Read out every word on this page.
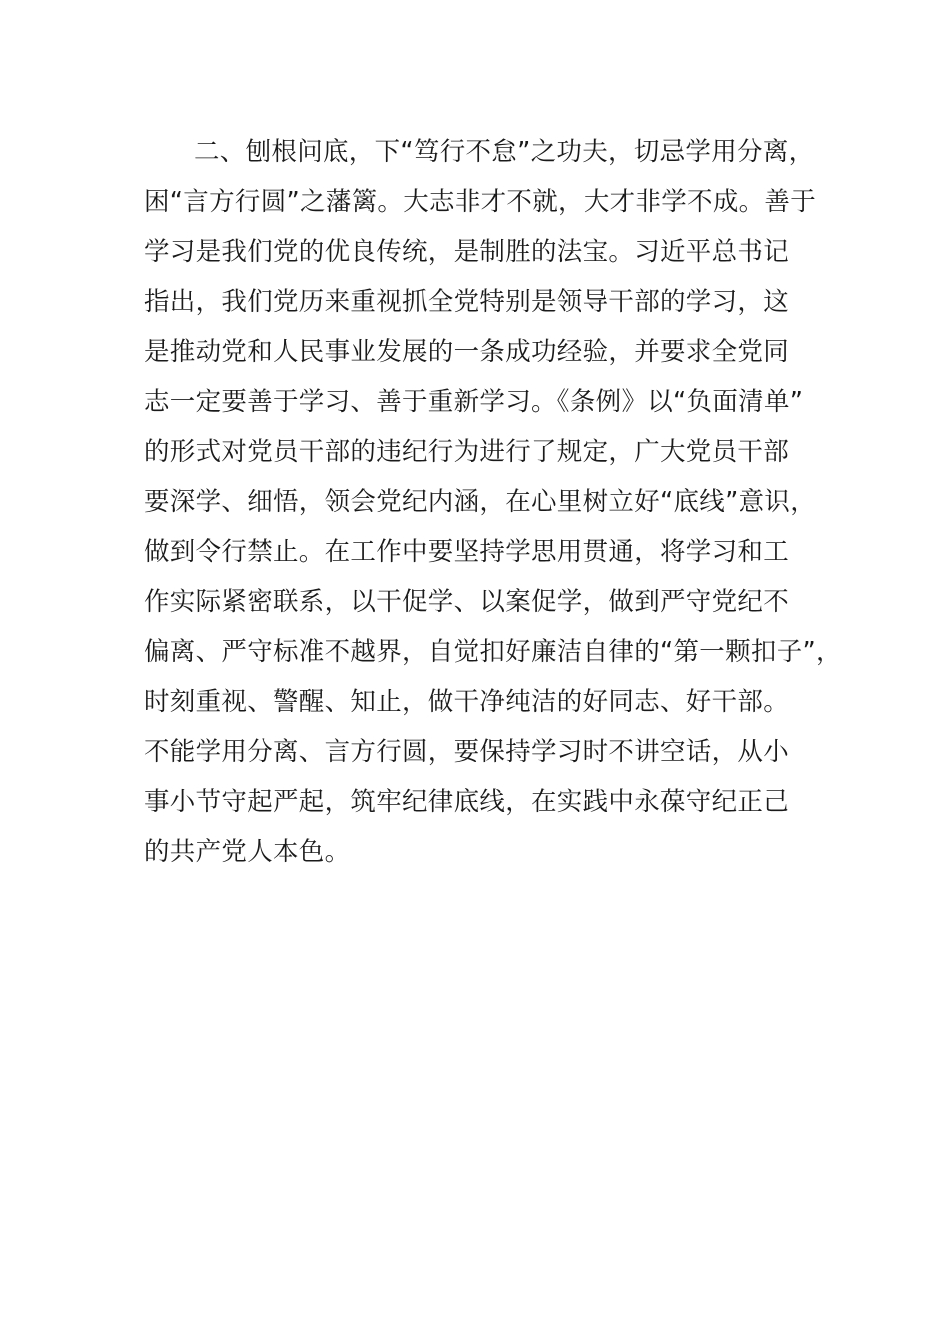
二、刨根问底，下“笃行不怠”之功夫，切忌学用分离，
困“言方行圆”之藩篱。大志非才不就，大才非学不成。善于
学习是我们党的优良传统，是制胜的法宝。习近平总书记
指出，我们党历来重视抓全党特别是领导干部的学习，这
是推动党和人民事业发展的一条成功经验，并要求全党同
志一定要善于学习、善于重新学习。《条例》以“负面清单”
的形式对党员干部的违纪行为进行了规定，广大党员干部
要深学、细悟，领会党纪内涵，在心里树立好“底线”意识，
做到令行禁止。在工作中要坚持学思用贯通，将学习和工
作实际紧密联系，以干促学、以案促学，做到严守党纪不
偏离、严守标准不越界，自觉扣好廉洁自律的“第一颗扣子”，
时刻重视、警醒、知止，做干净纯洁的好同志、好干部。
不能学用分离、言方行圆，要保持学习时不讲空话，从小
事小节守起严起，筑牢纪律底线，在实践中永葆守纪正己
的共产党人本色。
